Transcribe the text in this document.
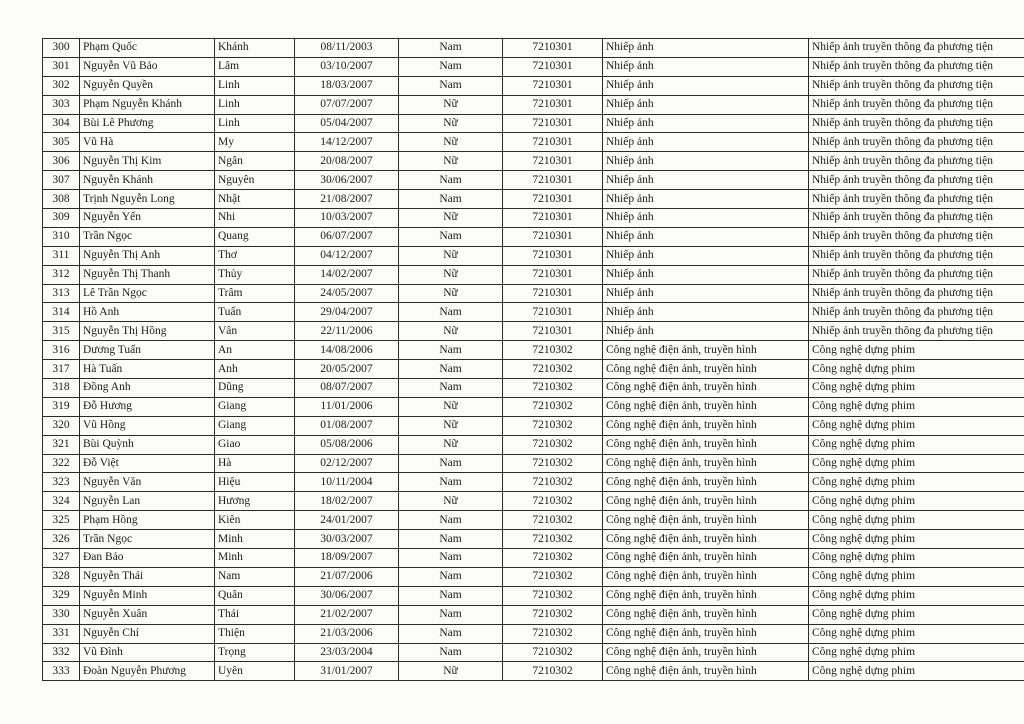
300	Phạm Quốc	Khánh	08/11/2003	Nam	7210301	Nhiếp ảnh	Nhiếp ảnh truyền thông đa phương tiện
301	Nguyễn Vũ Bảo	Lâm	03/10/2007	Nam	7210301	Nhiếp ảnh	Nhiếp ảnh truyền thông đa phương tiện
302	Nguyễn Quyền	Linh	18/03/2007	Nam	7210301	Nhiếp ảnh	Nhiếp ảnh truyền thông đa phương tiện
303	Phạm Nguyễn Khánh	Linh	07/07/2007	Nữ	7210301	Nhiếp ảnh	Nhiếp ảnh truyền thông đa phương tiện
304	Bùi Lê Phương	Linh	05/04/2007	Nữ	7210301	Nhiếp ảnh	Nhiếp ảnh truyền thông đa phương tiện
305	Vũ Hà	My	14/12/2007	Nữ	7210301	Nhiếp ảnh	Nhiếp ảnh truyền thông đa phương tiện
306	Nguyễn Thị Kim	Ngân	20/08/2007	Nữ	7210301	Nhiếp ảnh	Nhiếp ảnh truyền thông đa phương tiện
307	Nguyễn Khánh	Nguyên	30/06/2007	Nam	7210301	Nhiếp ảnh	Nhiếp ảnh truyền thông đa phương tiện
308	Trịnh Nguyễn Long	Nhật	21/08/2007	Nam	7210301	Nhiếp ảnh	Nhiếp ảnh truyền thông đa phương tiện
309	Nguyễn Yến	Nhi	10/03/2007	Nữ	7210301	Nhiếp ảnh	Nhiếp ảnh truyền thông đa phương tiện
310	Trần Ngọc	Quang	06/07/2007	Nam	7210301	Nhiếp ảnh	Nhiếp ảnh truyền thông đa phương tiện
311	Nguyễn Thị Anh	Thơ	04/12/2007	Nữ	7210301	Nhiếp ảnh	Nhiếp ảnh truyền thông đa phương tiện
312	Nguyễn Thị Thanh	Thủy	14/02/2007	Nữ	7210301	Nhiếp ảnh	Nhiếp ảnh truyền thông đa phương tiện
313	Lê Trần Ngọc	Trâm	24/05/2007	Nữ	7210301	Nhiếp ảnh	Nhiếp ảnh truyền thông đa phương tiện
314	Hồ Anh	Tuấn	29/04/2007	Nam	7210301	Nhiếp ảnh	Nhiếp ảnh truyền thông đa phương tiện
315	Nguyễn Thị Hồng	Vân	22/11/2006	Nữ	7210301	Nhiếp ảnh	Nhiếp ảnh truyền thông đa phương tiện
316	Dương Tuấn	An	14/08/2006	Nam	7210302	Công nghệ điện ảnh, truyền hình	Công nghệ dựng phim
317	Hà Tuấn	Anh	20/05/2007	Nam	7210302	Công nghệ điện ảnh, truyền hình	Công nghệ dựng phim
318	Đồng Anh	Dũng	08/07/2007	Nam	7210302	Công nghệ điện ảnh, truyền hình	Công nghệ dựng phim
319	Đỗ Hương	Giang	11/01/2006	Nữ	7210302	Công nghệ điện ảnh, truyền hình	Công nghệ dựng phim
320	Vũ Hồng	Giang	01/08/2007	Nữ	7210302	Công nghệ điện ảnh, truyền hình	Công nghệ dựng phim
321	Bùi Quỳnh	Giao	05/08/2006	Nữ	7210302	Công nghệ điện ảnh, truyền hình	Công nghệ dựng phim
322	Đỗ Việt	Hà	02/12/2007	Nam	7210302	Công nghệ điện ảnh, truyền hình	Công nghệ dựng phim
323	Nguyễn Văn	Hiệu	10/11/2004	Nam	7210302	Công nghệ điện ảnh, truyền hình	Công nghệ dựng phim
324	Nguyễn Lan	Hương	18/02/2007	Nữ	7210302	Công nghệ điện ảnh, truyền hình	Công nghệ dựng phim
325	Phạm Hồng	Kiên	24/01/2007	Nam	7210302	Công nghệ điện ảnh, truyền hình	Công nghệ dựng phim
326	Trần Ngọc	Minh	30/03/2007	Nam	7210302	Công nghệ điện ảnh, truyền hình	Công nghệ dựng phim
327	Đan Bảo	Minh	18/09/2007	Nam	7210302	Công nghệ điện ảnh, truyền hình	Công nghệ dựng phim
328	Nguyễn Thái	Nam	21/07/2006	Nam	7210302	Công nghệ điện ảnh, truyền hình	Công nghệ dựng phim
329	Nguyễn Minh	Quân	30/06/2007	Nam	7210302	Công nghệ điện ảnh, truyền hình	Công nghệ dựng phim
330	Nguyễn Xuân	Thái	21/02/2007	Nam	7210302	Công nghệ điện ảnh, truyền hình	Công nghệ dựng phim
331	Nguyễn Chí	Thiện	21/03/2006	Nam	7210302	Công nghệ điện ảnh, truyền hình	Công nghệ dựng phim
332	Vũ Đình	Trọng	23/03/2004	Nam	7210302	Công nghệ điện ảnh, truyền hình	Công nghệ dựng phim
333	Đoàn Nguyễn Phương	Uyên	31/01/2007	Nữ	7210302	Công nghệ điện ảnh, truyền hình	Công nghệ dựng phim
